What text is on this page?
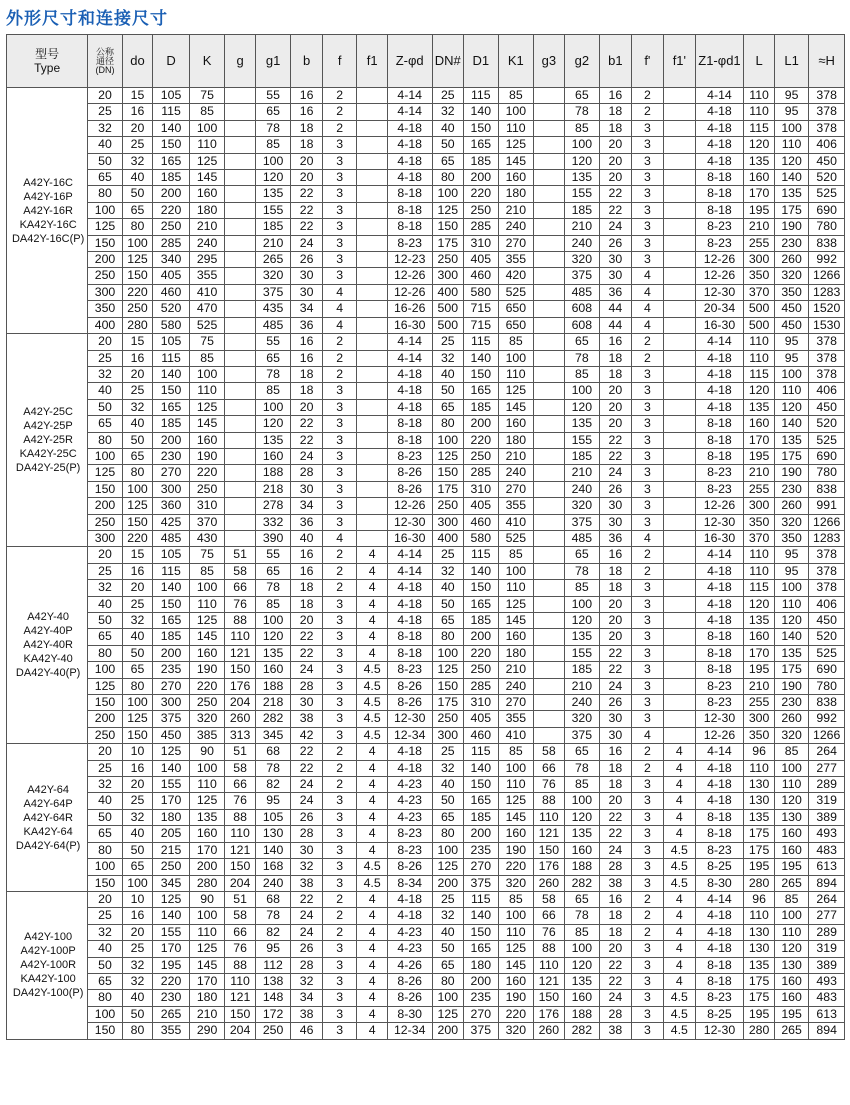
外形尺寸和连接尺寸
型号
Type	公称
通径
(DN)	do	D	K	g	g1	b	f	f1	Z-φd	DN#	D1	K1	g3	g2	b1	f'	f1'	Z1-φd1	L	L1	≈H

A42Y-16C
A42Y-16P
A42Y-16R
KA42Y-16C
DA42Y-16C(P)	20	15	105	75		55	16	2		4-14	25	115	85		65	16	2		4-14	110	95	378
	25	16	115	85		65	16	2		4-14	32	140	100		78	18	2		4-18	110	95	378
	32	20	140	100		78	18	2		4-18	40	150	110		85	18	3		4-18	115	100	378
	40	25	150	110		85	18	3		4-18	50	165	125		100	20	3		4-18	120	110	406
	50	32	165	125		100	20	3		4-18	65	185	145		120	20	3		4-18	135	120	450
	65	40	185	145		120	20	3		4-18	80	200	160		135	20	3		8-18	160	140	520
	80	50	200	160		135	22	3		8-18	100	220	180		155	22	3		8-18	170	135	525
	100	65	220	180		155	22	3		8-18	125	250	210		185	22	3		8-18	195	175	690
	125	80	250	210		185	22	3		8-18	150	285	240		210	24	3		8-23	210	190	780
	150	100	285	240		210	24	3		8-23	175	310	270		240	26	3		8-23	255	230	838
	200	125	340	295		265	26	3		12-23	250	405	355		320	30	3		12-26	300	260	992
	250	150	405	355		320	30	3		12-26	300	460	420		375	30	4		12-26	350	320	1266
	300	220	460	410		375	30	4		12-26	400	580	525		485	36	4		12-30	370	350	1283
	350	250	520	470		435	34	4		16-26	500	715	650		608	44	4		20-34	500	450	1520
	400	280	580	525		485	36	4		16-30	500	715	650		608	44	4		16-30	500	450	1530

A42Y-25C
A42Y-25P
A42Y-25R
KA42Y-25C
DA42Y-25(P)	20	15	105	75		55	16	2		4-14	25	115	85		65	16	2		4-14	110	95	378
	25	16	115	85		65	16	2		4-14	32	140	100		78	18	2		4-18	110	95	378
	32	20	140	100		78	18	2		4-18	40	150	110		85	18	3		4-18	115	100	378
	40	25	150	110		85	18	3		4-18	50	165	125		100	20	3		4-18	120	110	406
	50	32	165	125		100	20	3		4-18	65	185	145		120	20	3		4-18	135	120	450
	65	40	185	145		120	22	3		8-18	80	200	160		135	20	3		8-18	160	140	520
	80	50	200	160		135	22	3		8-18	100	220	180		155	22	3		8-18	170	135	525
	100	65	230	190		160	24	3		8-23	125	250	210		185	22	3		8-18	195	175	690
	125	80	270	220		188	28	3		8-26	150	285	240		210	24	3		8-23	210	190	780
	150	100	300	250		218	30	3		8-26	175	310	270		240	26	3		8-23	255	230	838
	200	125	360	310		278	34	3		12-26	250	405	355		320	30	3		12-26	300	260	991
	250	150	425	370		332	36	3		12-30	300	460	410		375	30	3		12-30	350	320	1266
	300	220	485	430		390	40	4		16-30	400	580	525		485	36	4		16-30	370	350	1283

A42Y-40
A42Y-40P
A42Y-40R
KA42Y-40
DA42Y-40(P)	20	15	105	75	51	55	16	2	4	4-14	25	115	85		65	16	2		4-14	110	95	378
	25	16	115	85	58	65	16	2	4	4-14	32	140	100		78	18	2		4-18	110	95	378
	32	20	140	100	66	78	18	2	4	4-18	40	150	110		85	18	3		4-18	115	100	378
	40	25	150	110	76	85	18	3	4	4-18	50	165	125		100	20	3		4-18	120	110	406
	50	32	165	125	88	100	20	3	4	4-18	65	185	145		120	20	3		4-18	135	120	450
	65	40	185	145	110	120	22	3	4	8-18	80	200	160		135	20	3		8-18	160	140	520
	80	50	200	160	121	135	22	3	4	8-18	100	220	180		155	22	3		8-18	170	135	525
	100	65	235	190	150	160	24	3	4.5	8-23	125	250	210		185	22	3		8-18	195	175	690
	125	80	270	220	176	188	28	3	4.5	8-26	150	285	240		210	24	3		8-23	210	190	780
	150	100	300	250	204	218	30	3	4.5	8-26	175	310	270		240	26	3		8-23	255	230	838
	200	125	375	320	260	282	38	3	4.5	12-30	250	405	355		320	30	3		12-30	300	260	992
	250	150	450	385	313	345	42	3	4.5	12-34	300	460	410		375	30	4		12-26	350	320	1266

A42Y-64
A42Y-64P
A42Y-64R
KA42Y-64
DA42Y-64(P)	20	10	125	90	51	68	22	2	4	4-18	25	115	85	58	65	16	2	4	4-14	96	85	264
	25	16	140	100	58	78	22	2	4	4-18	32	140	100	66	78	18	2	4	4-18	110	100	277
	32	20	155	110	66	82	24	2	4	4-23	40	150	110	76	85	18	3	4	4-18	130	110	289
	40	25	170	125	76	95	24	3	4	4-23	50	165	125	88	100	20	3	4	4-18	130	120	319
	50	32	180	135	88	105	26	3	4	4-23	65	185	145	110	120	22	3	4	8-18	135	130	389
	65	40	205	160	110	130	28	3	4	8-23	80	200	160	121	135	22	3	4	8-18	175	160	493
	80	50	215	170	121	140	30	3	4	8-23	100	235	190	150	160	24	3	4.5	8-23	175	160	483
	100	65	250	200	150	168	32	3	4.5	8-26	125	270	220	176	188	28	3	4.5	8-25	195	195	613
	150	100	345	280	204	240	38	3	4.5	8-34	200	375	320	260	282	38	3	4.5	8-30	280	265	894

A42Y-100
A42Y-100P
A42Y-100R
KA42Y-100
DA42Y-100(P)	20	10	125	90	51	68	22	2	4	4-18	25	115	85	58	65	16	2	4	4-14	96	85	264
	25	16	140	100	58	78	24	2	4	4-18	32	140	100	66	78	18	2	4	4-18	110	100	277
	32	20	155	110	66	82	24	2	4	4-23	40	150	110	76	85	18	2	4	4-18	130	110	289
	40	25	170	125	76	95	26	3	4	4-23	50	165	125	88	100	20	3	4	4-18	130	120	319
	50	32	195	145	88	112	28	3	4	4-26	65	180	145	110	120	22	3	4	8-18	135	130	389
	65	32	220	170	110	138	32	3	4	8-26	80	200	160	121	135	22	3	4	8-18	175	160	493
	80	40	230	180	121	148	34	3	4	8-26	100	235	190	150	160	24	3	4.5	8-23	175	160	483
	100	50	265	210	150	172	38	3	4	8-30	125	270	220	176	188	28	3	4.5	8-25	195	195	613
	150	80	355	290	204	250	46	3	4	12-34	200	375	320	260	282	38	3	4.5	12-30	280	265	894
